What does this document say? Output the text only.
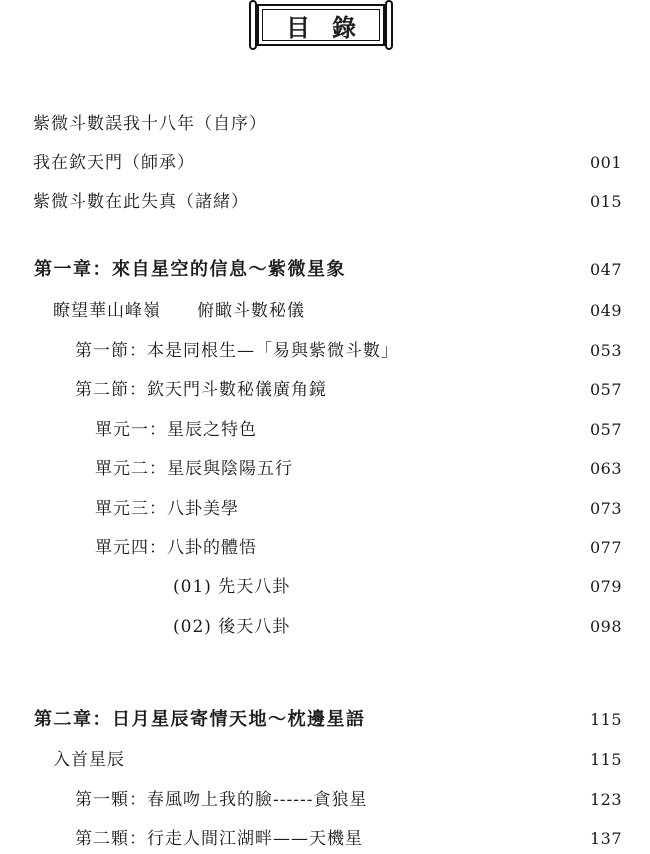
目錄
紫微斗數誤我十八年（自序）
我在欽天門（師承）	001
紫微斗數在此失真（諸緒）	015
第一章：來自星空的信息～紫微星象	047
瞭望華山峰嶺　　俯瞰斗數秘儀	049
第一節：本是同根生—「易與紫微斗數」	053
第二節：欽天門斗數秘儀廣角鏡	057
單元一：星辰之特色	057
單元二：星辰與陰陽五行	063
單元三：八卦美學	073
單元四：八卦的體悟	077
(01) 先天八卦	079
(02) 後天八卦	098
第二章：日月星辰寄情天地～枕邊星語	115
入首星辰	115
第一顆：春風吻上我的臉------貪狼星	123
第二顆：行走人間江湖畔——天機星	137
